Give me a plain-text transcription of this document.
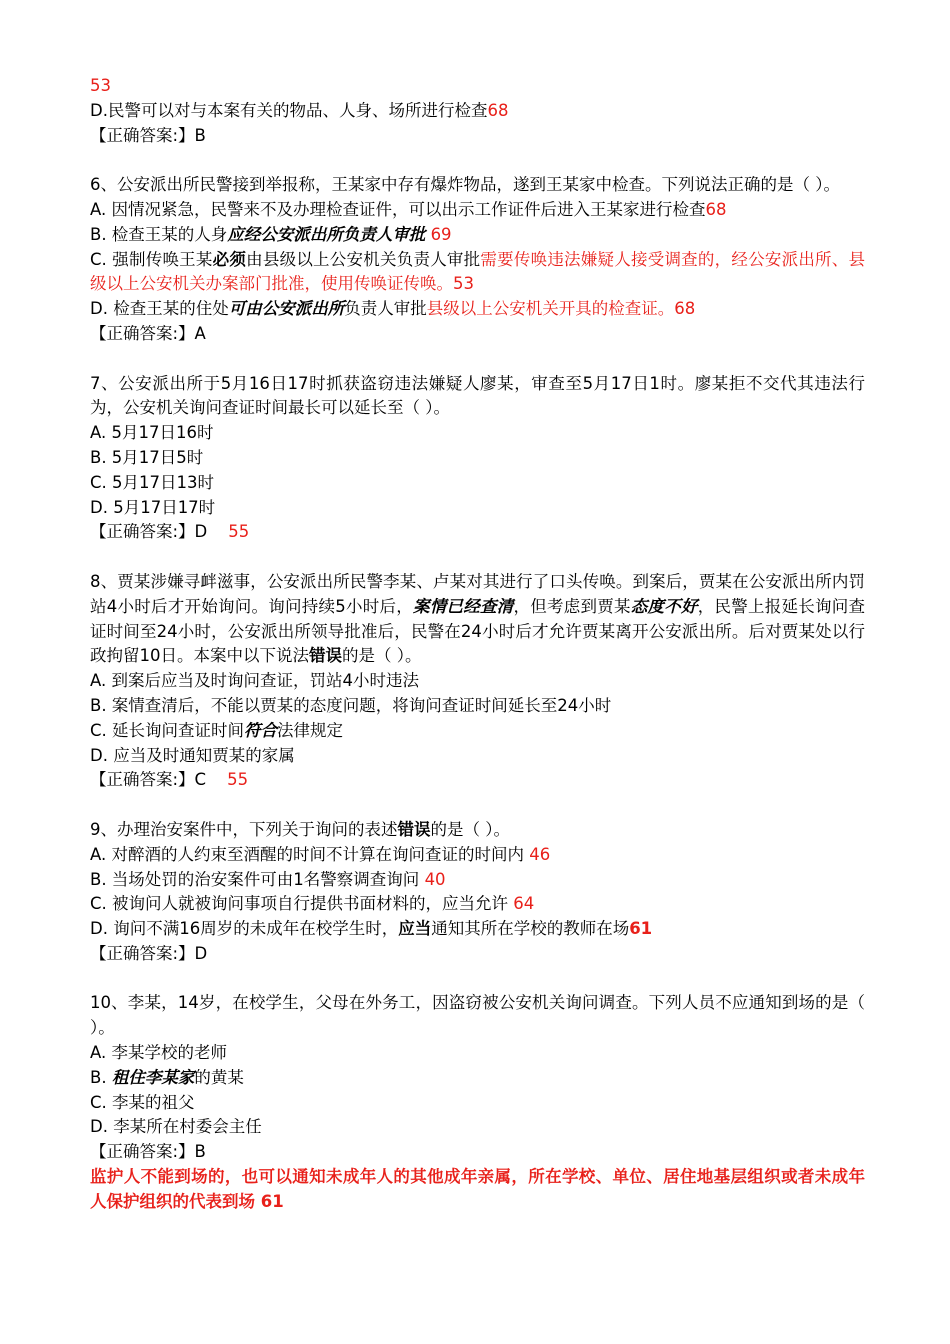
53
D.民警可以对与本案有关的物品、人身、场所进行检查68
【正确答案:】B
6、公安派出所民警接到举报称，王某家中存有爆炸物品，遂到王某家中检查。下列说法正确的是（ ）。
A. 因情况紧急，民警来不及办理检查证件，可以出示工作证件后进入王某家进行检查68
B. 检查王某的人身应经公安派出所负责人审批 69
C. 强制传唤王某必须由县级以上公安机关负责人审批需要传唤违法嫌疑人接受调查的，经公安派出所、县级以上公安机关办案部门批准，使用传唤证传唤。53
D. 检查王某的住处可由公安派出所负责人审批县级以上公安机关开具的检查证。68
【正确答案:】A
7、公安派出所于5月16日17时抓获盗窃违法嫌疑人廖某，审查至5月17日1时。廖某拒不交代其违法行为，公安机关询问查证时间最长可以延长至（ ）。
A. 5月17日16时
B. 5月17日5时
C. 5月17日13时
D. 5月17日17时
【正确答案:】D 55
8、贾某涉嫌寻衅滋事，公安派出所民警李某、卢某对其进行了口头传唤。到案后，贾某在公安派出所内罚站4小时后才开始询问。询问持续5小时后，案情已经查清，但考虑到贾某态度不好，民警上报延长询问查证时间至24小时，公安派出所领导批准后，民警在24小时后才允许贾某离开公安派出所。后对贾某处以行政拘留10日。本案中以下说法错误的是（ ）。
A. 到案后应当及时询问查证，罚站4小时违法
B. 案情查清后，不能以贾某的态度问题，将询问查证时间延长至24小时
C. 延长询问查证时间符合法律规定
D. 应当及时通知贾某的家属
【正确答案:】C 55
9、办理治安案件中，下列关于询问的表述错误的是（ ）。
A. 对醉酒的人约束至酒醒的时间不计算在询问查证的时间内 46
B. 当场处罚的治安案件可由1名警察调查询问 40
C. 被询问人就被询问事项自行提供书面材料的，应当允许 64
D. 询问不满16周岁的未成年在校学生时，应当通知其所在学校的教师在场61
【正确答案:】D
10、李某，14岁，在校学生，父母在外务工，因盗窃被公安机关询问调查。下列人员不应通知到场的是（ ）。
A. 李某学校的老师
B. 租住李某家的黄某
C. 李某的祖父
D. 李某所在村委会主任
【正确答案:】B
监护人不能到场的，也可以通知未成年人的其他成年亲属，所在学校、单位、居住地基层组织或者未成年人保护组织的代表到场 61
